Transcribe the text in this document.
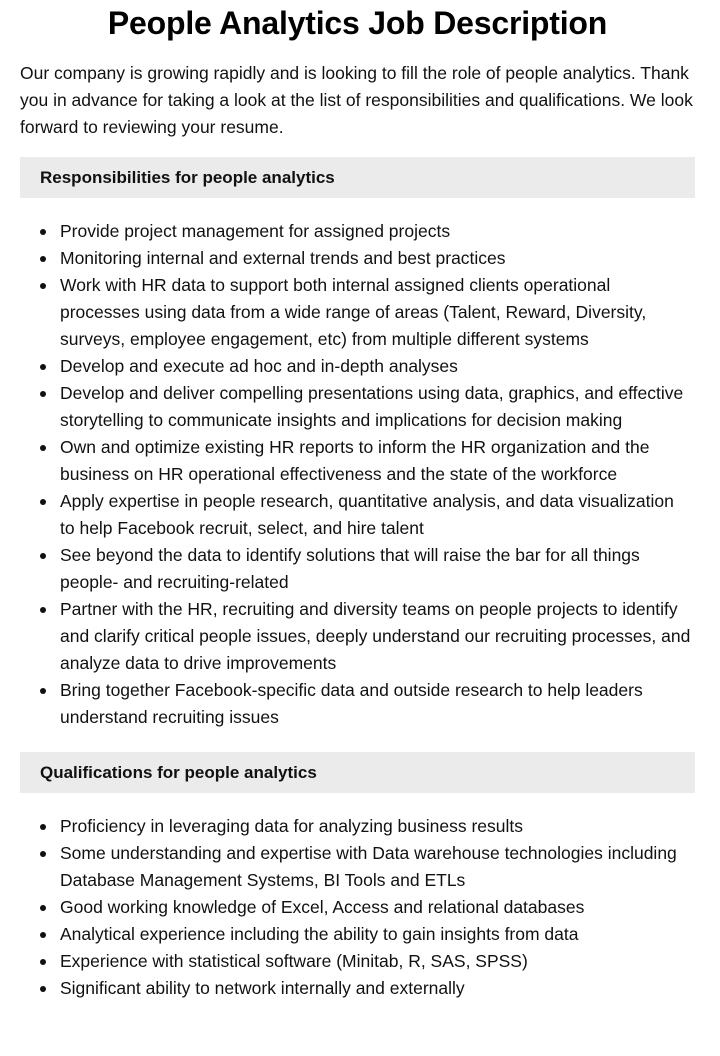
People Analytics Job Description

Our company is growing rapidly and is looking to fill the role of people analytics. Thank you in advance for taking a look at the list of responsibilities and qualifications. We look forward to reviewing your resume.

Responsibilities for people analytics
Provide project management for assigned projects
Monitoring internal and external trends and best practices
Work with HR data to support both internal assigned clients operational processes using data from a wide range of areas (Talent, Reward, Diversity, surveys, employee engagement, etc) from multiple different systems
Develop and execute ad hoc and in-depth analyses
Develop and deliver compelling presentations using data, graphics, and effective storytelling to communicate insights and implications for decision making
Own and optimize existing HR reports to inform the HR organization and the business on HR operational effectiveness and the state of the workforce
Apply expertise in people research, quantitative analysis, and data visualization to help Facebook recruit, select, and hire talent
See beyond the data to identify solutions that will raise the bar for all things people- and recruiting-related
Partner with the HR, recruiting and diversity teams on people projects to identify and clarify critical people issues, deeply understand our recruiting processes, and analyze data to drive improvements
Bring together Facebook-specific data and outside research to help leaders understand recruiting issues
Qualifications for people analytics
Proficiency in leveraging data for analyzing business results
Some understanding and expertise with Data warehouse technologies including Database Management Systems, BI Tools and ETLs
Good working knowledge of Excel, Access and relational databases
Analytical experience including the ability to gain insights from data
Experience with statistical software (Minitab, R, SAS, SPSS)
Significant ability to network internally and externally
